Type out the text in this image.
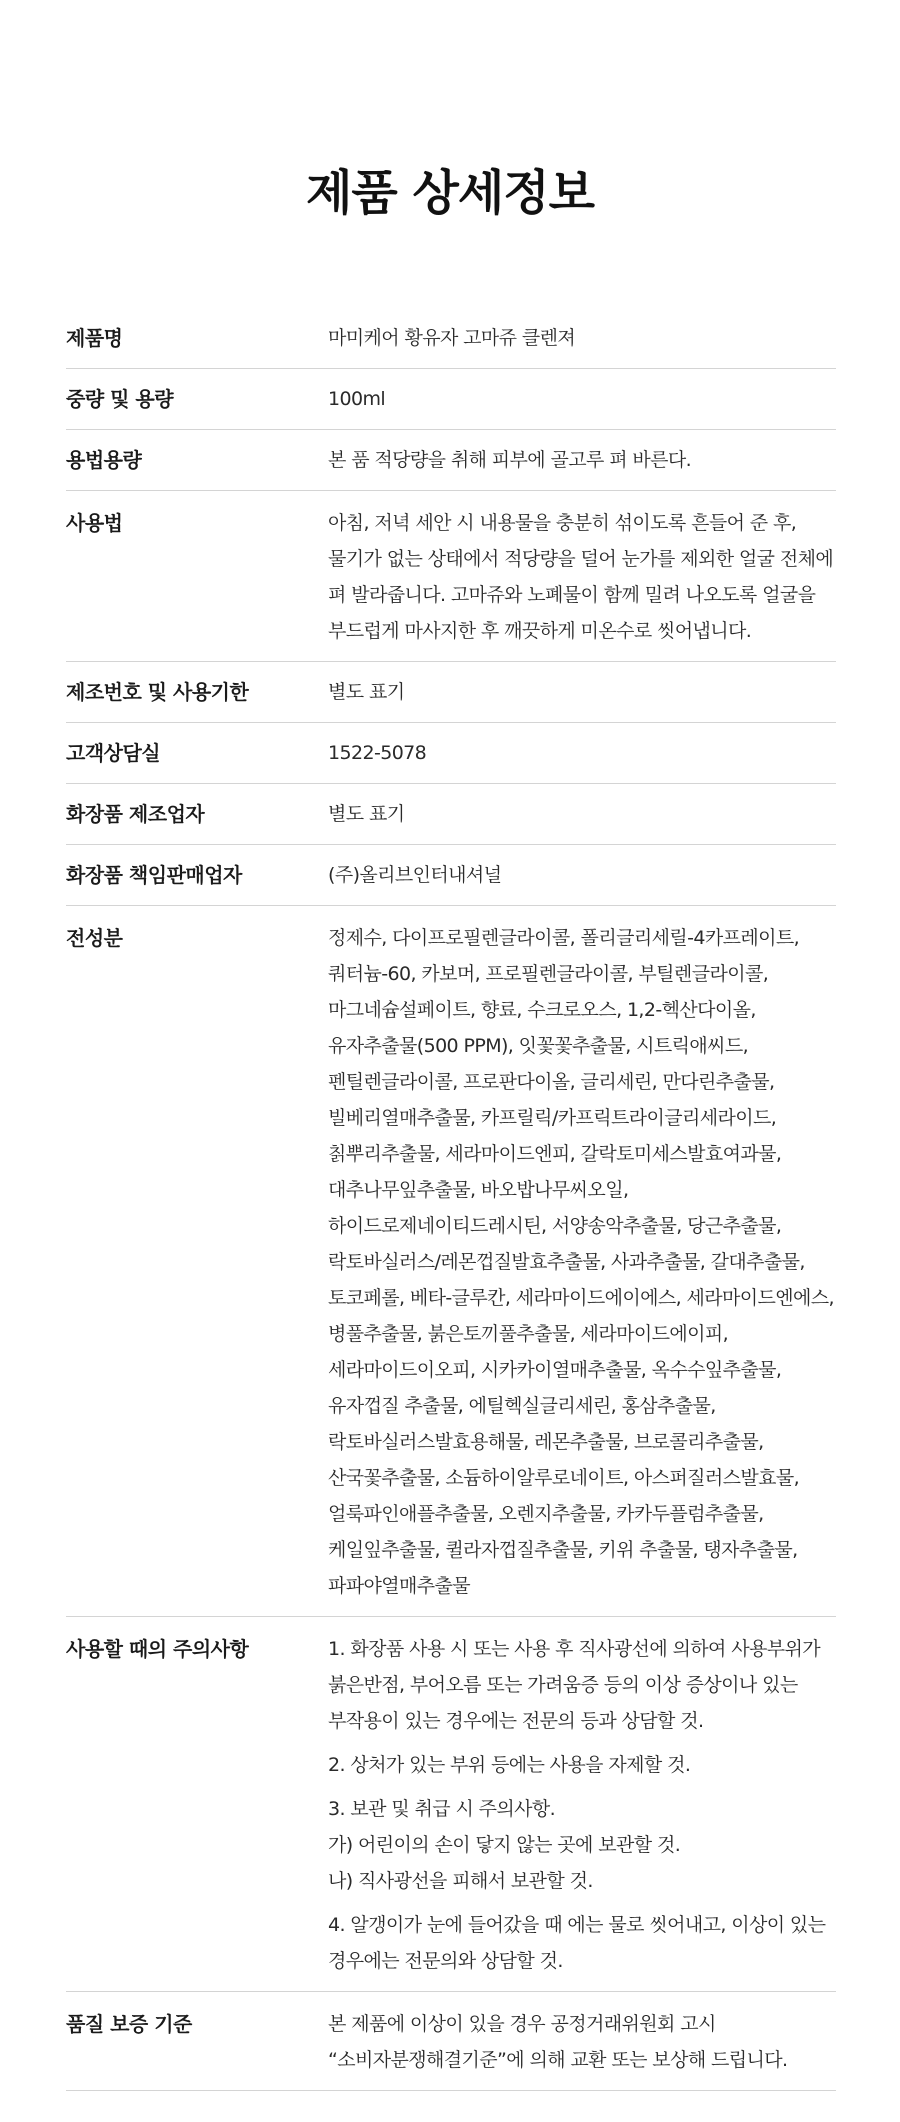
제품 상세정보
제품명	마미케어 황유자 고마쥬 클렌져
중량 및 용량	100ml
용법용량	본 품 적당량을 취해 피부에 골고루 펴 바른다.
사용법	아침, 저녁 세안 시 내용물을 충분히 섞이도록 흔들어 준 후, 물기가 없는 상태에서 적당량을 덜어 눈가를 제외한 얼굴 전체에 펴 발라줍니다. 고마쥬와 노폐물이 함께 밀려 나오도록 얼굴을 부드럽게 마사지한 후 깨끗하게 미온수로 씻어냅니다.
제조번호 및 사용기한	별도 표기
고객상담실	1522-5078
화장품 제조업자	별도 표기
화장품 책임판매업자	(주)올리브인터내셔널
전성분	정제수, 다이프로필렌글라이콜, 폴리글리세릴-4카프레이트, 쿼터늄-60, 카보머, 프로필렌글라이콜, 부틸렌글라이콜, 마그네슘설페이트, 향료, 수크로오스, 1,2-헥산다이올, 유자추출물(500 PPM), 잇꽃꽃추출물, 시트릭애씨드, 펜틸렌글라이콜, 프로판다이올, 글리세린, 만다린추출물, 빌베리열매추출물, 카프릴릭/카프릭트라이글리세라이드, 칡뿌리추출물, 세라마이드엔피, 갈락토미세스발효여과물, 대추나무잎추출물, 바오밥나무씨오일, 하이드로제네이티드레시틴, 서양송악추출물, 당근추출물, 락토바실러스/레몬껍질발효추출물, 사과추출물, 갈대추출물, 토코페롤, 베타-글루칸, 세라마이드에이에스, 세라마이드엔에스, 병풀추출물, 붉은토끼풀추출물, 세라마이드에이피, 세라마이드이오피, 시카카이열매추출물, 옥수수잎추출물, 유자껍질 추출물, 에틸헥실글리세린, 홍삼추출물, 락토바실러스발효용해물, 레몬추출물, 브로콜리추출물, 산국꽃추출물, 소듐하이알루로네이트, 아스퍼질러스발효물, 얼룩파인애플추출물, 오렌지추출물, 카카두플럼추출물, 케일잎추출물, 퀼라자껍질추출물, 키위 추출물, 탱자추출물, 파파야열매추출물
사용할 때의 주의사항	1. 화장품 사용 시 또는 사용 후 직사광선에 의하여 사용부위가 붉은반점, 부어오름 또는 가려움증 등의 이상 증상이나 있는 부작용이 있는 경우에는 전문의 등과 상담할 것.

2. 상처가 있는 부위 등에는 사용을 자제할 것.

3. 보관 및 취급 시 주의사항.

가) 어린이의 손이 닿지 않는 곳에 보관할 것.

나) 직사광선을 피해서 보관할 것.

4. 알갱이가 눈에 들어갔을 때 에는 물로 씻어내고, 이상이 있는 경우에는 전문의와 상담할 것.

품질 보증 기준	본 제품에 이상이 있을 경우 공정거래위원회 고시 “소비자분쟁해결기준”에 의해 교환 또는 보상해 드립니다.
